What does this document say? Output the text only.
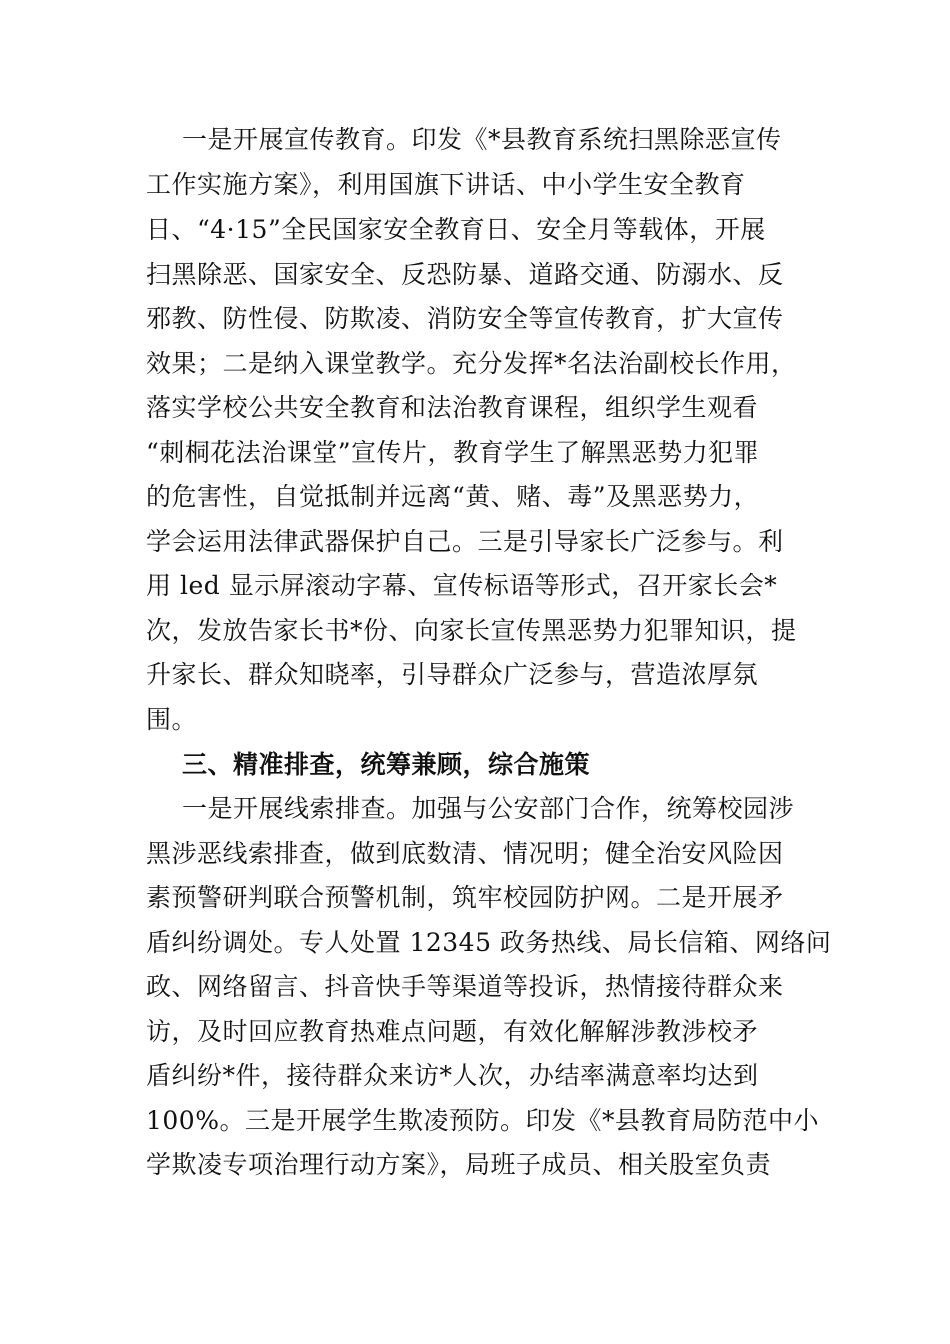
一是开展宣传教育。印发《*县教育系统扫黑除恶宣传
工作实施方案》，利用国旗下讲话、中小学生安全教育
日、“4·15”全民国家安全教育日、安全月等载体，开展
扫黑除恶、国家安全、反恐防暴、道路交通、防溺水、反
邪教、防性侵、防欺凌、消防安全等宣传教育，扩大宣传
效果；二是纳入课堂教学。充分发挥*名法治副校长作用，
落实学校公共安全教育和法治教育课程，组织学生观看
“刺桐花法治课堂”宣传片，教育学生了解黑恶势力犯罪
的危害性，自觉抵制并远离“黄、赌、毒”及黑恶势力，
学会运用法律武器保护自己。三是引导家长广泛参与。利
用 led 显示屏滚动字幕、宣传标语等形式，召开家长会*
次，发放告家长书*份、向家长宣传黑恶势力犯罪知识，提
升家长、群众知晓率，引导群众广泛参与，营造浓厚氛
围。
三、精准排查，统筹兼顾，综合施策
一是开展线索排查。加强与公安部门合作，统筹校园涉
黑涉恶线索排查，做到底数清、情况明；健全治安风险因
素预警研判联合预警机制，筑牢校园防护网。二是开展矛
盾纠纷调处。专人处置 12345 政务热线、局长信箱、网络问
政、网络留言、抖音快手等渠道等投诉，热情接待群众来
访，及时回应教育热难点问题，有效化解解涉教涉校矛
盾纠纷*件，接待群众来访*人次，办结率满意率均达到
100%。三是开展学生欺凌预防。印发《*县教育局防范中小
学欺凌专项治理行动方案》，局班子成员、相关股室负责
